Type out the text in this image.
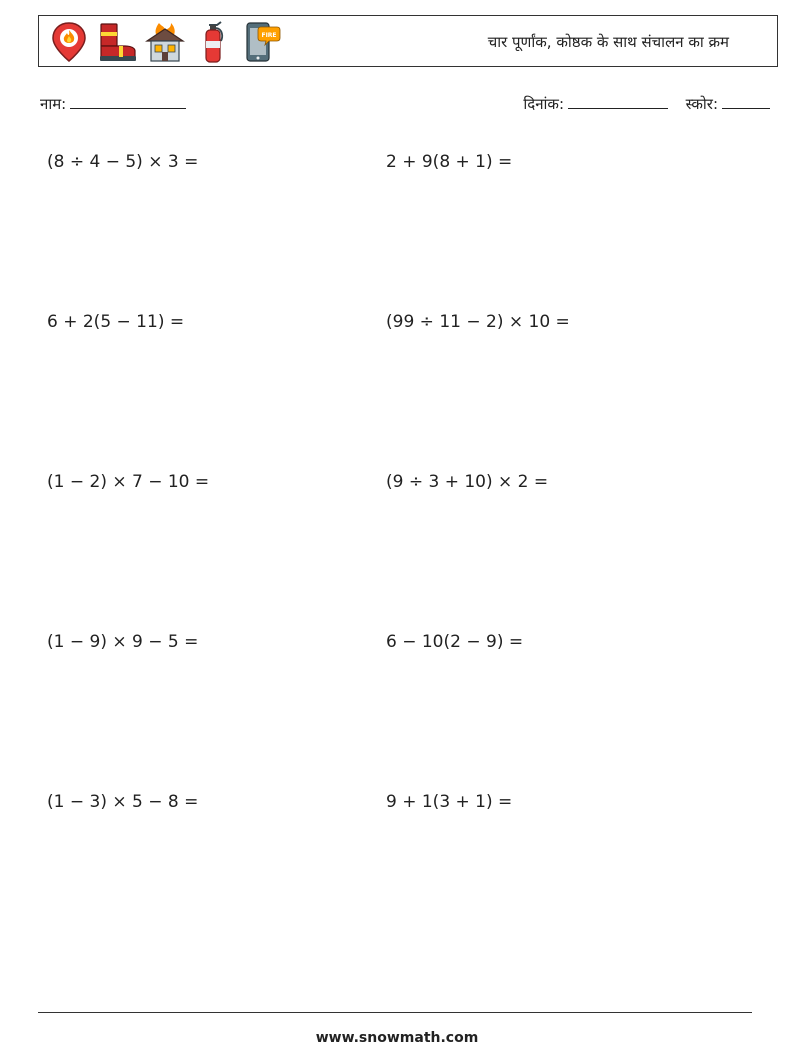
FIRE	चार पूर्णांक, कोष्ठक के साथ संचालन का क्रम
नाम:	दिनांक:	स्कोर:
(8 ÷ 4 − 5) × 3 =	2 + 9(8 + 1) =
6 + 2(5 − 11) =	(99 ÷ 11 − 2) × 10 =
(1 − 2) × 7 − 10 =	(9 ÷ 3 + 10) × 2 =
(1 − 9) × 9 − 5 =	6 − 10(2 − 9) =
(1 − 3) × 5 − 8 =	9 + 1(3 + 1) =
www.snowmath.com
